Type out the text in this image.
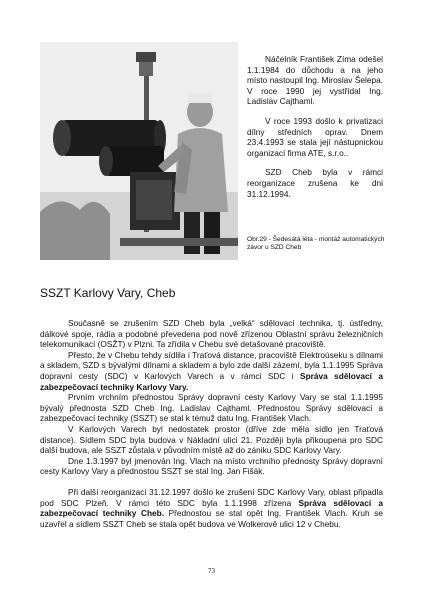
Náčelník František Zíma odešel 1.1.1984 do důchodu a na jeho místo nastoupil Ing. Miroslav Šelepa. V roce 1990 jej vystřídal Ing. Ladislav Cajthaml.

V roce 1993 došlo k privatizaci dílny středních oprav. Dnem 23.4.1993 se stala její nástupnickou organizací firma ATE, s.r.o..

SZD Cheb byla v rámci reorganizace zrušena ke dni 31.12.1994.

Obr.29 - Šedesátá léta - montáž automatických závor u SZD Cheb
SSZT Karlovy Vary, Cheb

Současně se zrušením SZD Cheb byla „velká“ sdělovací technika, tj. ústředny, dálkové spoje, rádia a podobné převedena pod nově zřízenou Oblastní správu železničních telekomunikací (OSŽT) v Plzni. Ta zřídila v Chebu své detašované pracoviště.

Přesto, že v Chebu tehdy sídlila i Traťová distance, pracoviště Elektroúseku s dílnami a skladem, SZD s bývalými dílnami a skladem a bylo zde další zázemí, byla 1.1.1995 Správa dopravní cesty (SDC) v Karlových Varech a v rámci SDC i Správa sdělovací a zabezpečovací techniky Karlovy Vary.

Prvním vrchním přednostou Správy dopravní cesty Karlovy Vary se stal 1.1.1995 bývalý přednosta SZD Cheb Ing. Ladislav Cajthaml. Přednostou Správy sdělovací a zabezpečovací techniky (SSZT) se stal k témuž datu Ing. František Vlach.

V Karlových Varech byl nedostatek prostor (dříve zde měla sídlo jen Traťová distance). Sídlem SDC byla budova v Nákladní ulici 21. Později byla přikoupena pro SDC další budova, ale SSZT zůstala v původním místě až do zániku SDC Karlovy Vary.

Dne 1.3.1997 byl jmenován Ing. Vlach na místo vrchního přednosty Správy dopravní cesty Karlovy Vary a přednostou SSZT se stal Ing. Jan Fišák.

Při další reorganizaci 31.12.1997 došlo ke zrušení SDC Karlovy Vary, oblast připadla pod SDC Plzeň. V rámci této SDC byla 1.1.1998 zřízena Správa sdělovací a zabezpečovací techniky Cheb. Přednostou se stal opět Ing. František Vlach. Kruh se uzavřel a sídlem SSZT Cheb se stala opět budova ve Wolkerově ulici 12 v Chebu.

73
